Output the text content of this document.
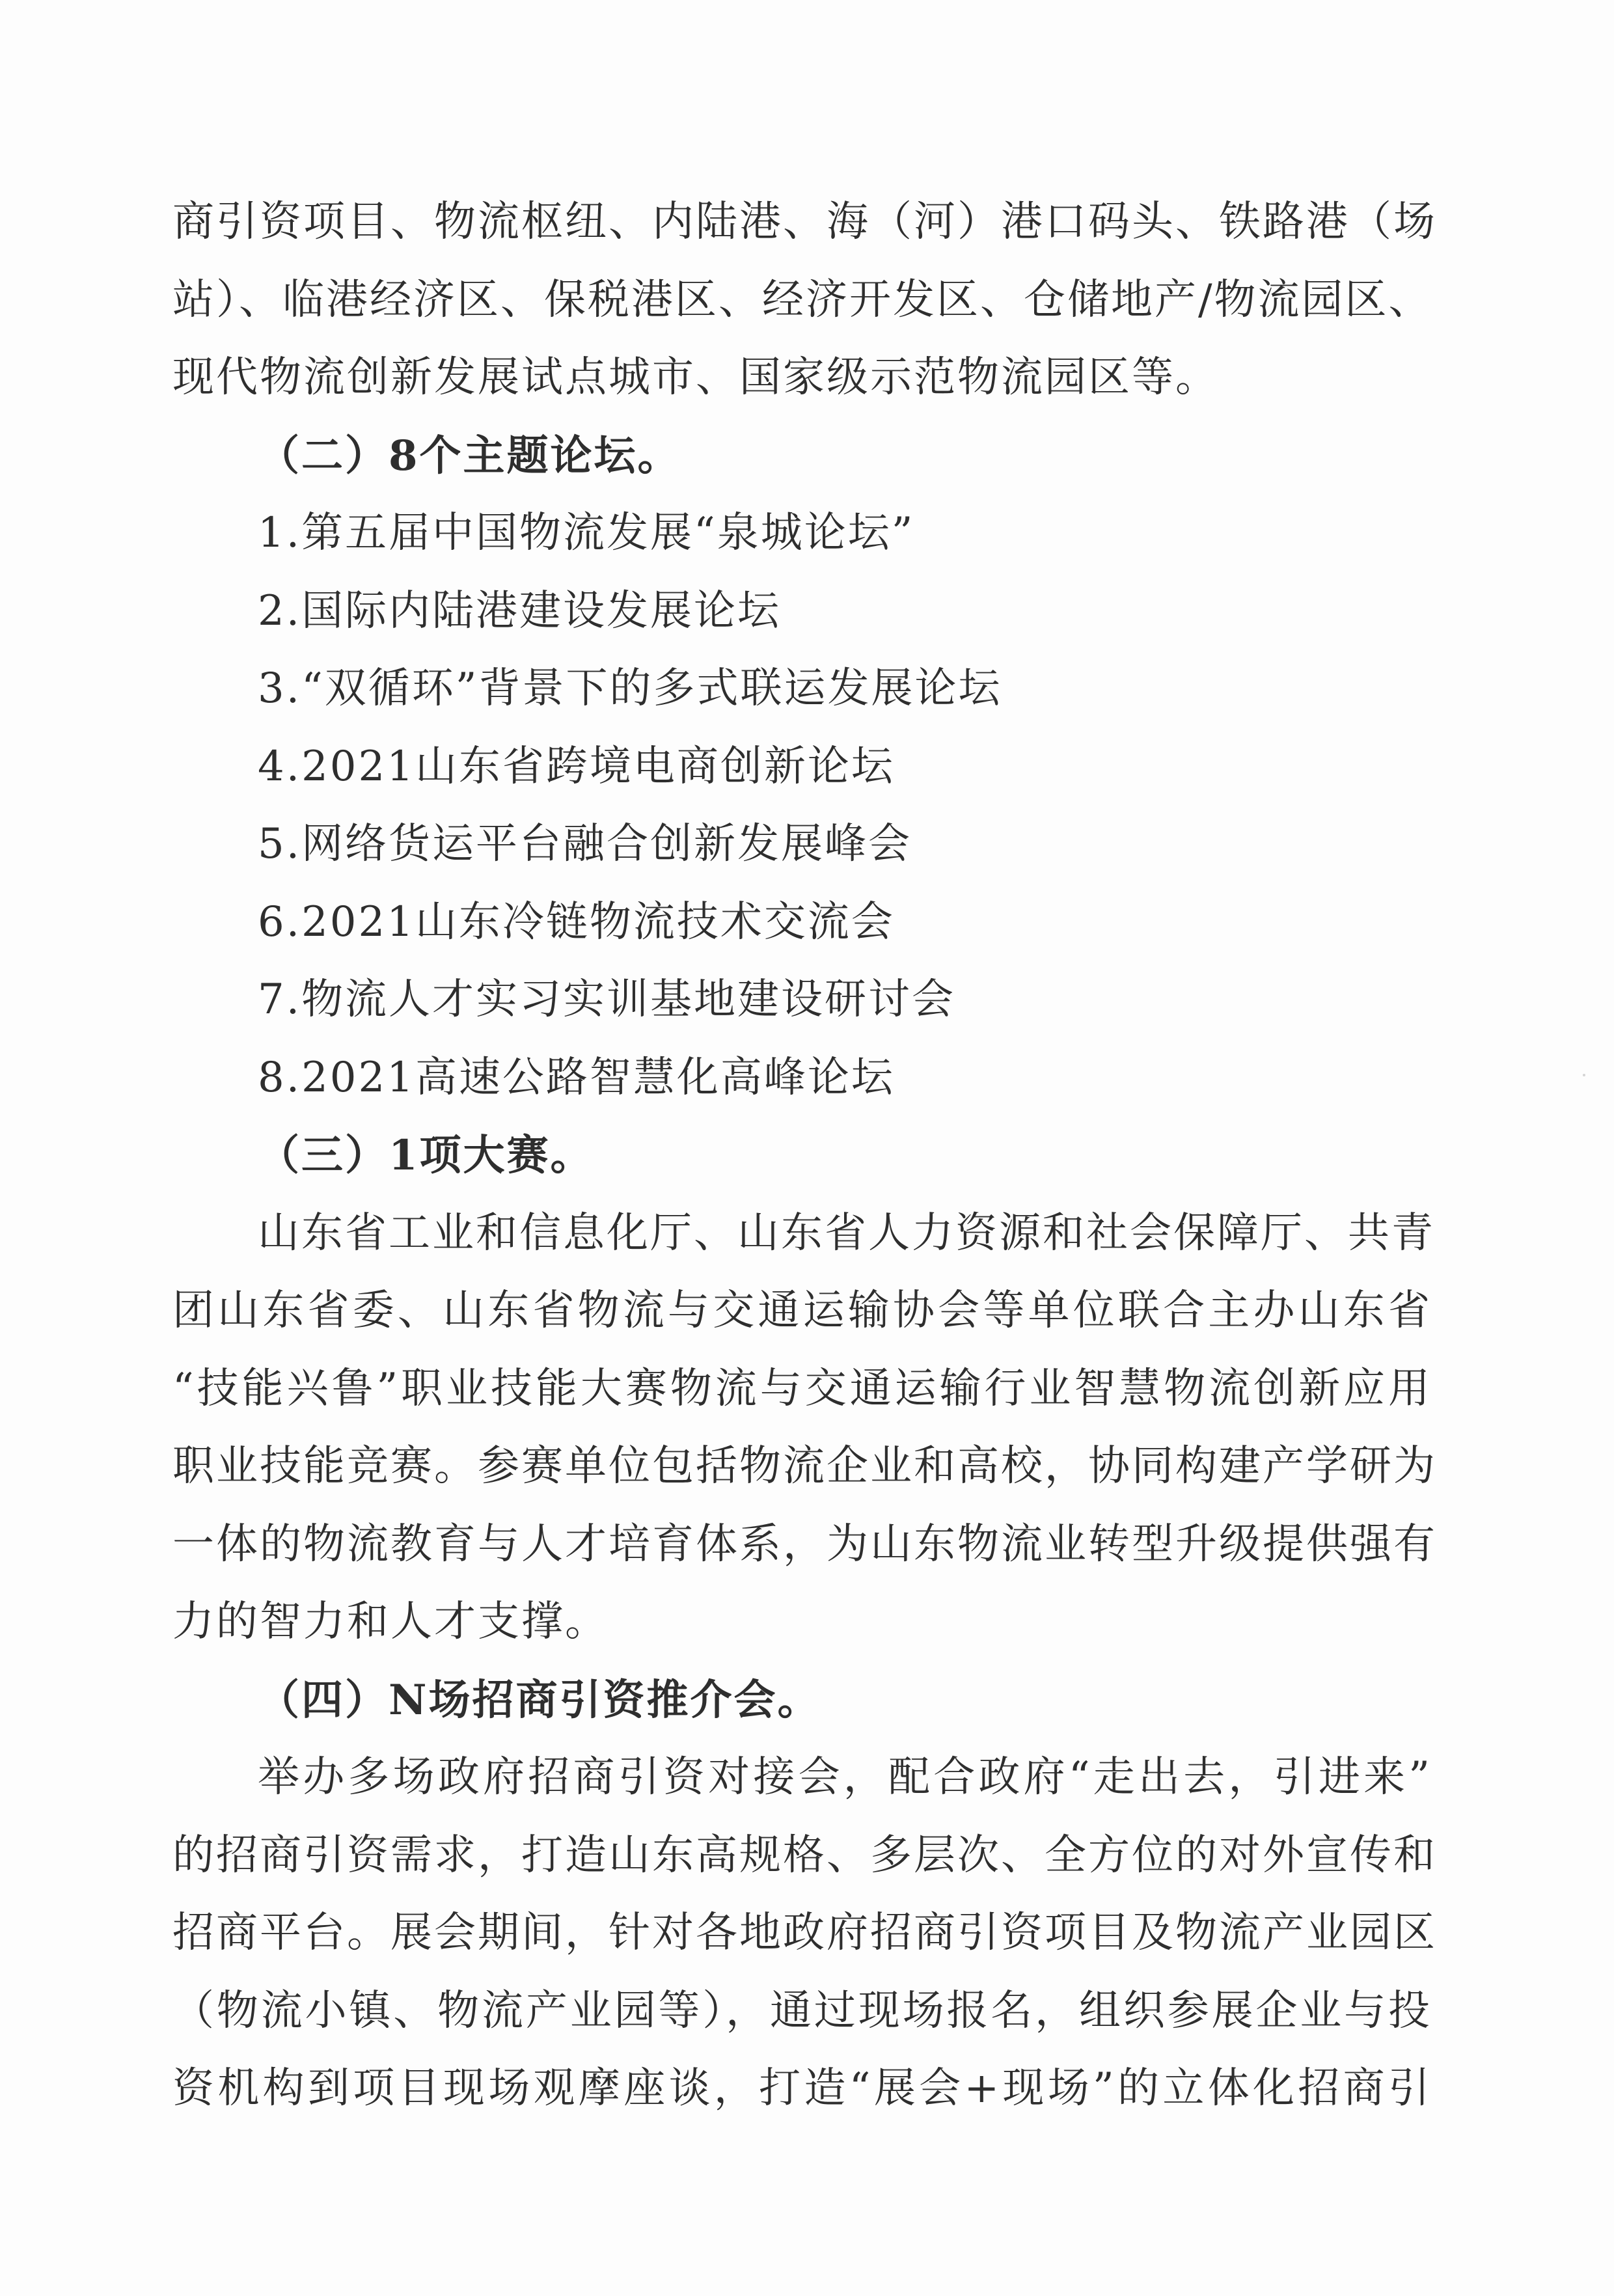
商引资项目、物流枢纽、内陆港、海（河）港口码头、铁路港（场
站）、临港经济区、保税港区、经济开发区、仓储地产/物流园区、
现代物流创新发展试点城市、国家级示范物流园区等。
（二）8个主题论坛。
1.第五届中国物流发展“泉城论坛”
2.国际内陆港建设发展论坛
3.“双循环”背景下的多式联运发展论坛
4.2021山东省跨境电商创新论坛
5.网络货运平台融合创新发展峰会
6.2021山东冷链物流技术交流会
7.物流人才实习实训基地建设研讨会
8.2021高速公路智慧化高峰论坛
（三）1项大赛。
山东省工业和信息化厅、山东省人力资源和社会保障厅、共青
团山东省委、山东省物流与交通运输协会等单位联合主办山东省
“技能兴鲁”职业技能大赛物流与交通运输行业智慧物流创新应用
职业技能竞赛。参赛单位包括物流企业和高校，协同构建产学研为
一体的物流教育与人才培育体系，为山东物流业转型升级提供强有
力的智力和人才支撑。
（四）N场招商引资推介会。
举办多场政府招商引资对接会，配合政府“走出去，引进来”
的招商引资需求，打造山东高规格、多层次、全方位的对外宣传和
招商平台。展会期间，针对各地政府招商引资项目及物流产业园区
（物流小镇、物流产业园等），通过现场报名，组织参展企业与投
资机构到项目现场观摩座谈，打造“展会+现场”的立体化招商引
